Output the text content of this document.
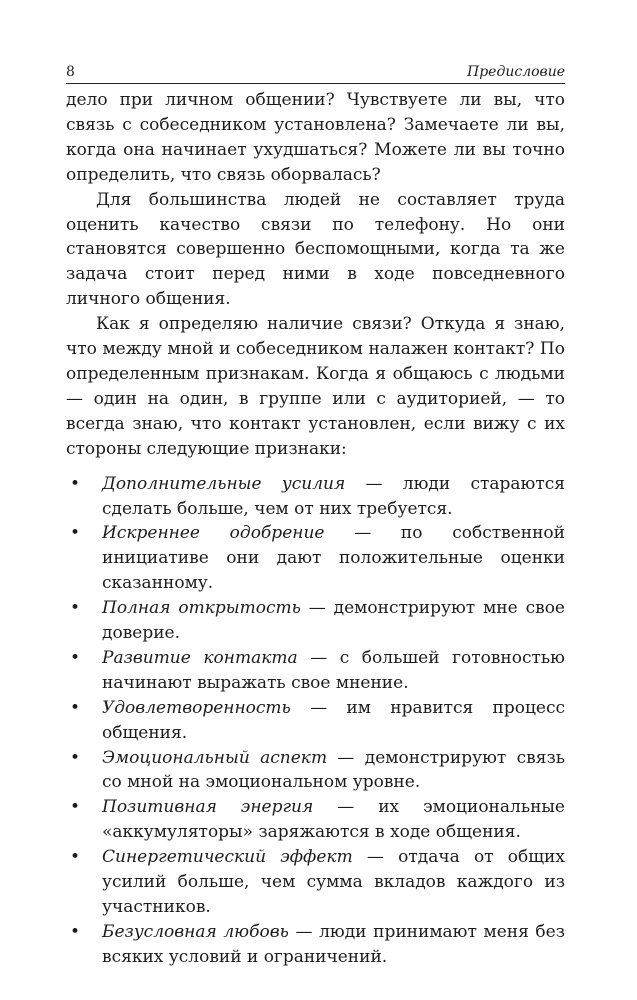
8	Предисловие

дело при личном общении? Чувствуете ли вы, что связь с собеседником установлена? Замечаете ли вы, когда она начинает ухудшаться? Можете ли вы точно определить, что связь оборвалась?

Для большинства людей не составляет труда оценить качество связи по телефону. Но они становятся совершенно беспомощными, когда та же задача стоит перед ними в ходе повседневного личного общения.

Как я определяю наличие связи? Откуда я знаю, что между мной и собеседником налажен контакт? По определенным признакам. Когда я общаюсь с людьми — один на один, в группе или с аудиторией, — то всегда знаю, что контакт установлен, если вижу с их стороны следующие признаки:

• Дополнительные усилия — люди стараются сделать больше, чем от них требуется.
• Искреннее одобрение — по собственной инициативе они дают положительные оценки сказанному.
• Полная открытость — демонстрируют мне свое доверие.
• Развитие контакта — с большей готовностью начинают выражать свое мнение.
• Удовлетворенность — им нравится процесс общения.
• Эмоциональный аспект — демонстрируют связь со мной на эмоциональном уровне.
• Позитивная энергия — их эмоциональные «аккумуляторы» заряжаются в ходе общения.
• Синергетический эффект — отдача от общих усилий больше, чем сумма вкладов каждого из участников.
• Безусловная любовь — люди принимают меня без всяких условий и ограничений.
